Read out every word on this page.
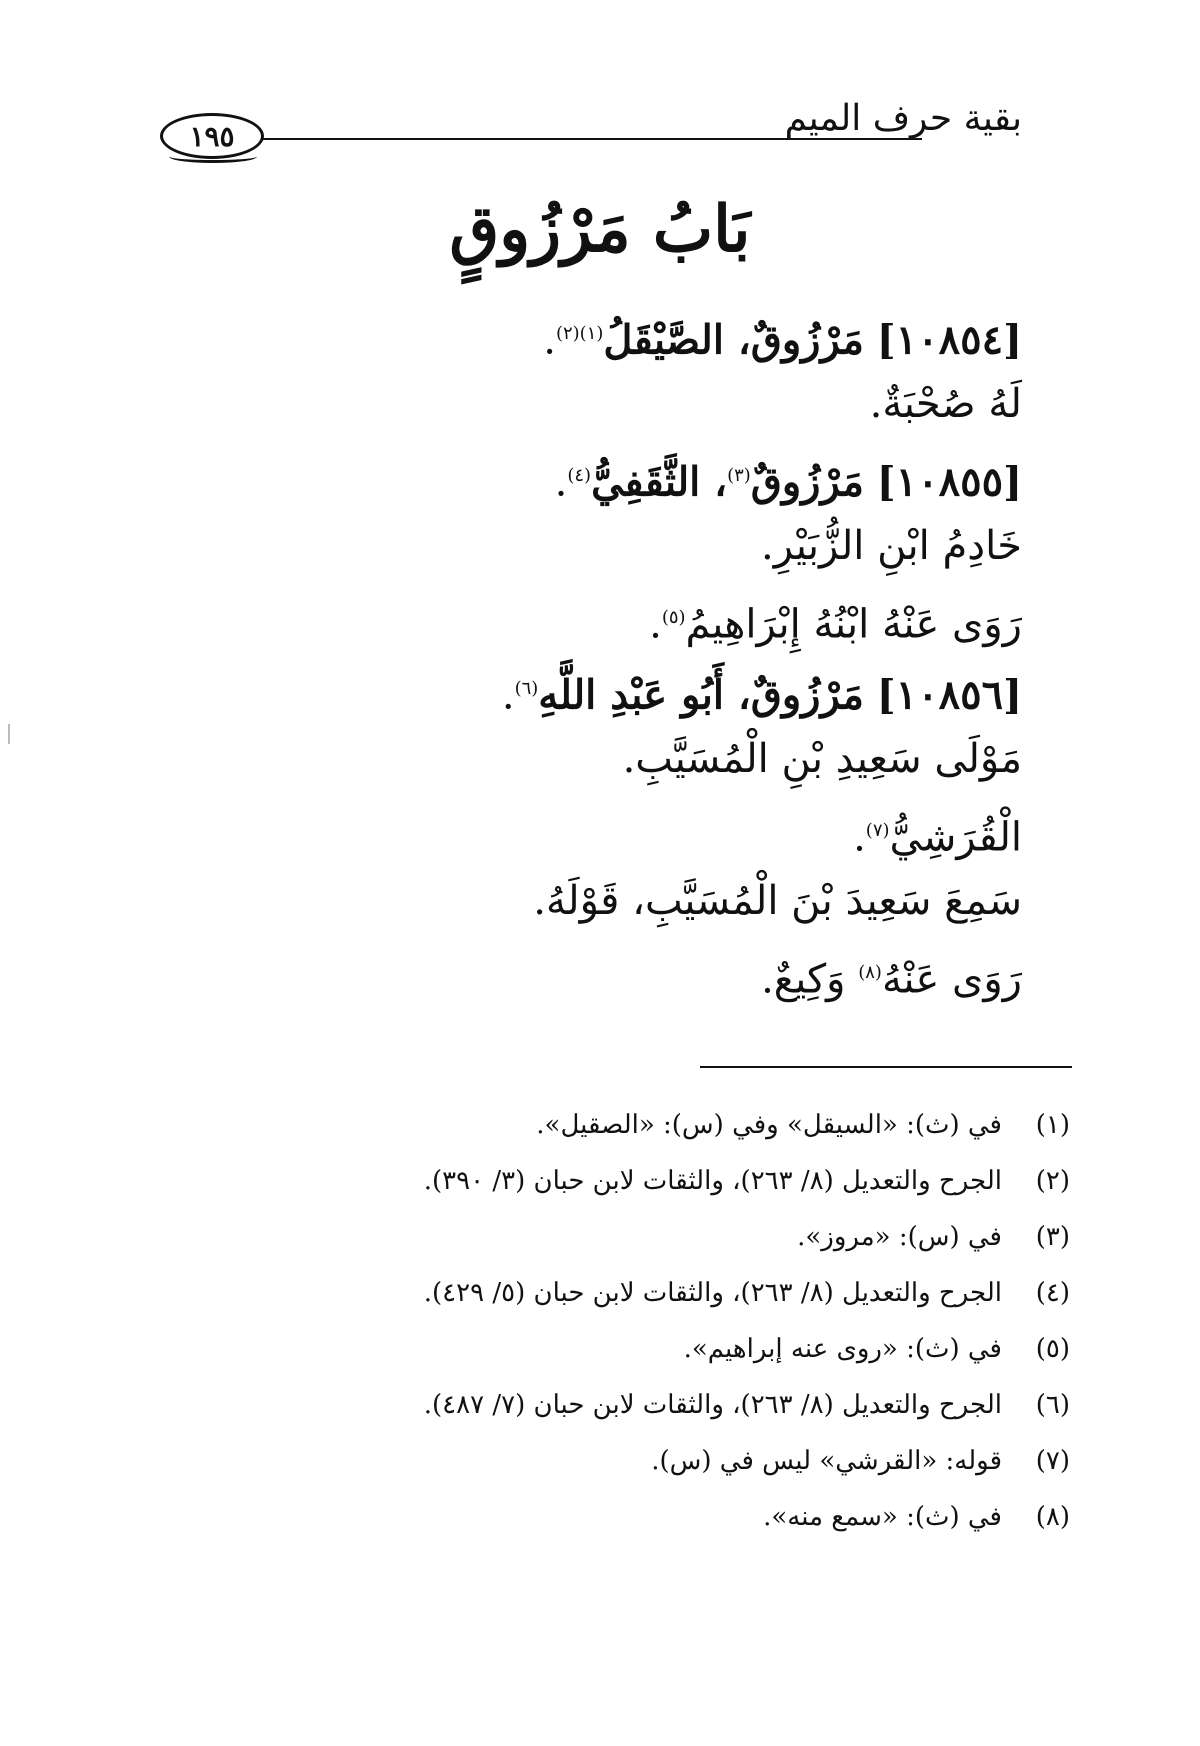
بقية حرف الميم
١٩٥
بَابُ مَرْزُوقٍ
[١٠٨٥٤] مَرْزُوقٌ، الصَّيْقَلُ$^{(١)(٢)}$.
لَهُ صُحْبَةٌ.
[١٠٨٥٥] مَرْزُوقٌ$^{(٣)}$، الثَّقَفِيُّ$^{(٤)}$.
خَادِمُ ابْنِ الزُّبَيْرِ.
رَوَى عَنْهُ ابْنُهُ إِبْرَاهِيمُ$^{(٥)}$.
[١٠٨٥٦] مَرْزُوقٌ، أَبُو عَبْدِ اللَّهِ$^{(٦)}$.
مَوْلَى سَعِيدِ بْنِ الْمُسَيَّبِ.
الْقُرَشِيُّ$^{(٧)}$.
سَمِعَ سَعِيدَ بْنَ الْمُسَيَّبِ، قَوْلَهُ.
رَوَى عَنْهُ$^{(٨)}$ وَكِيعٌ.
(١)في (ث): «السيقل» وفي (س): «الصقيل».
(٢)الجرح والتعديل (٨/ ٢٦٣)، والثقات لابن حبان (٣/ ٣٩٠).
(٣)في (س): «مروز».
(٤)الجرح والتعديل (٨/ ٢٦٣)، والثقات لابن حبان (٥/ ٤٢٩).
(٥)في (ث): «روى عنه إبراهيم».
(٦)الجرح والتعديل (٨/ ٢٦٣)، والثقات لابن حبان (٧/ ٤٨٧).
(٧)قوله: «القرشي» ليس في (س).
(٨)في (ث): «سمع منه».
